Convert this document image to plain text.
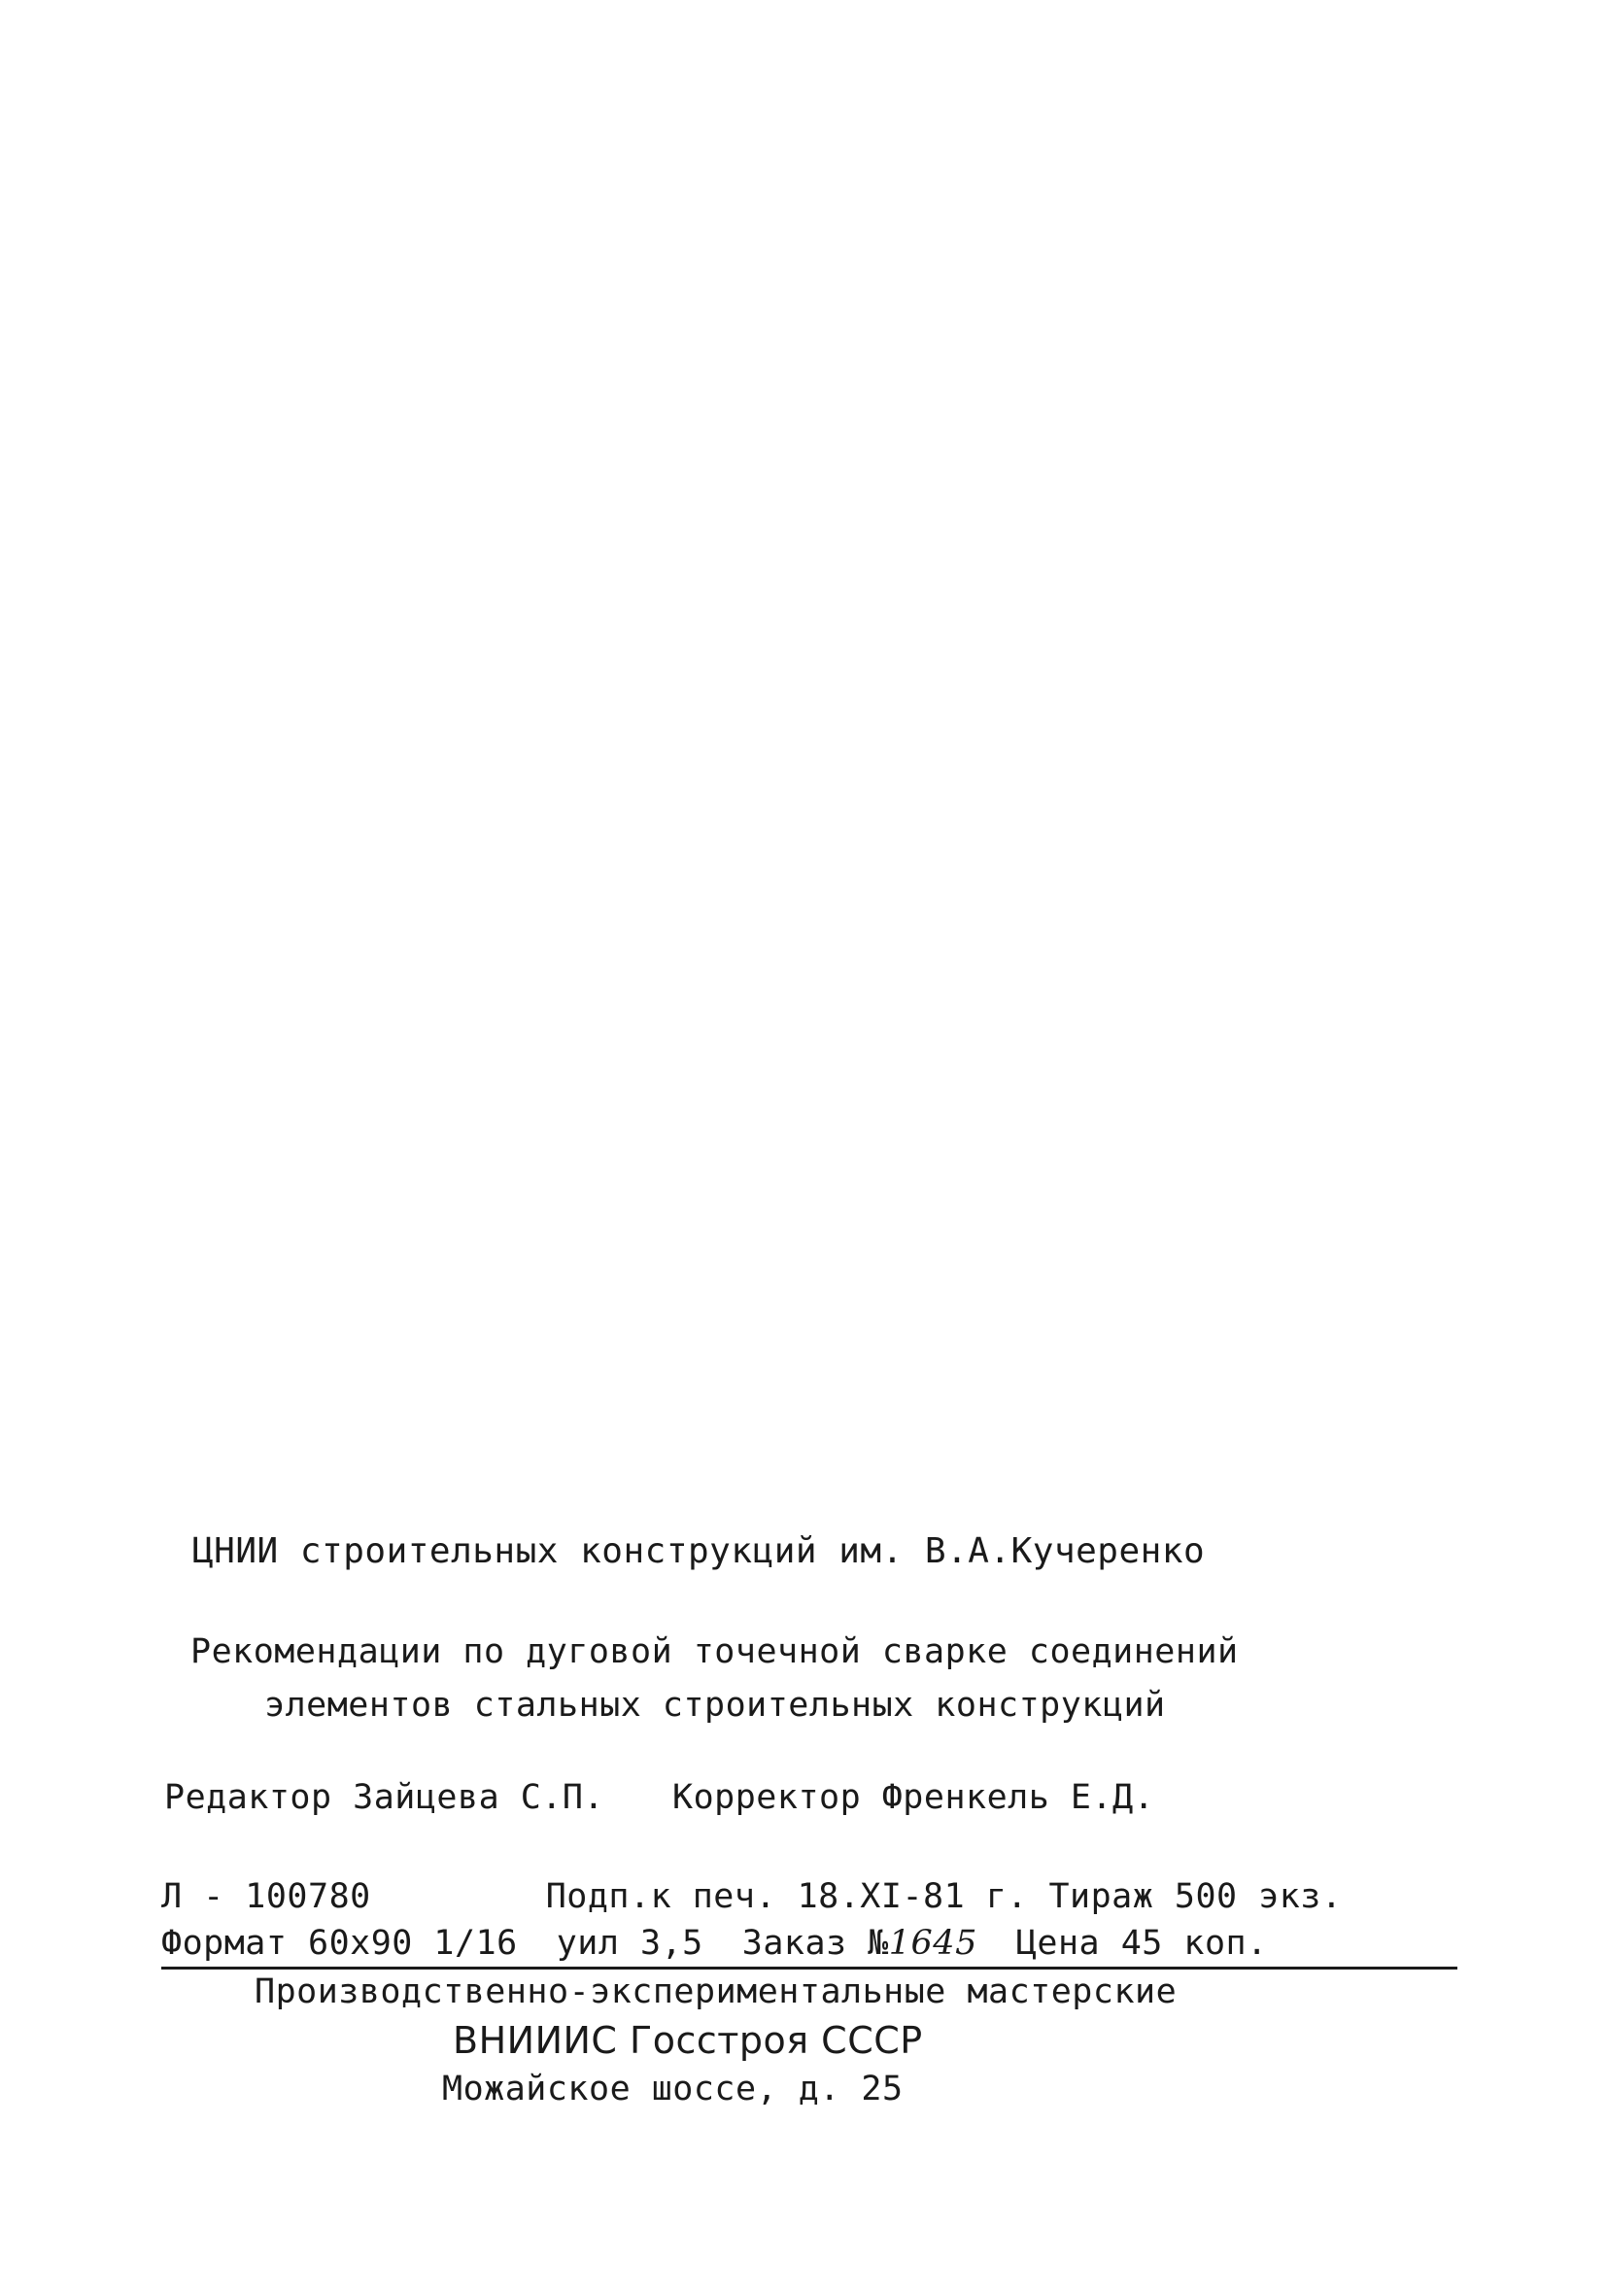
ЦНИИ строительных конструкций им. В.А.Кучеренко
Рекомендации по дуговой точечной сварке соединений
элементов стальных строительных конструкций
Редактор Зайцева С.П. Корректор Френкель Е.Д.
Л - 100780	Подп.к печ. 18.XI-81 г. Тираж 500 экз.
Формат 60х90 1/16 уил 3,5 Заказ №1645 Цена 45 коп.
Производственно-экспериментальные мастерские
ВНИИИС Госстроя СССР
Можайское шоссе, д. 25
